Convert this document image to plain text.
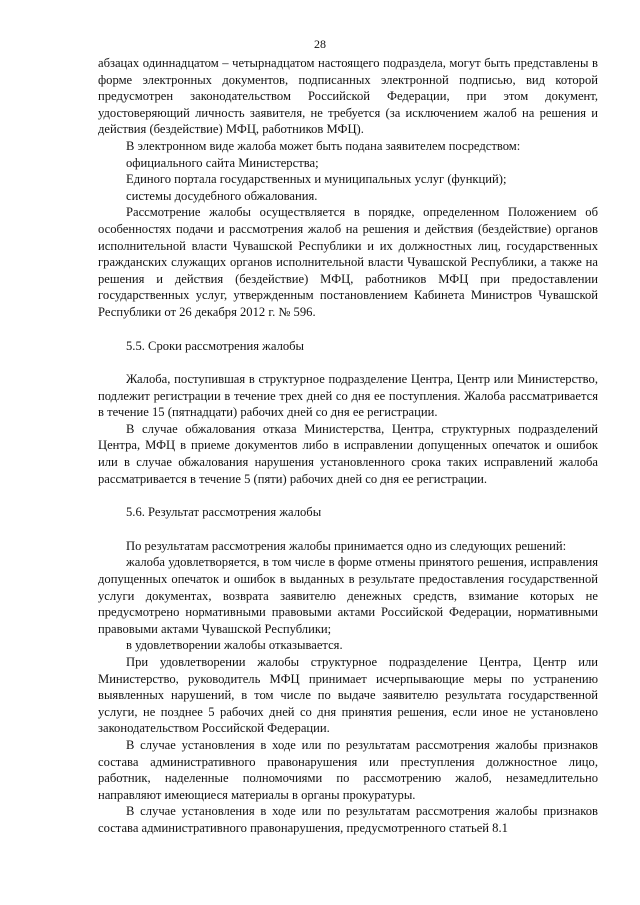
28

абзацах одиннадцатом – четырнадцатом настоящего подраздела, могут быть представлены в форме электронных документов, подписанных электронной подписью, вид которой предусмотрен законодательством Российской Федерации, при этом документ, удостоверяющий личность заявителя, не требуется (за исключением жалоб на решения и действия (бездействие) МФЦ, работников МФЦ).

В электронном виде жалоба может быть подана заявителем посредством:

официального сайта Министерства;

Единого портала государственных и муниципальных услуг (функций);

системы досудебного обжалования.

Рассмотрение жалобы осуществляется в порядке, определенном Положением об особенностях подачи и рассмотрения жалоб на решения и действия (бездействие) органов исполнительной власти Чувашской Республики и их должностных лиц, государственных гражданских служащих органов исполнительной власти Чувашской Республики, а также на решения и действия (бездействие) МФЦ, работников МФЦ при предоставлении государственных услуг, утвержденным постановлением Кабинета Министров Чувашской Республики от 26 декабря 2012 г. № 596.

5.5. Сроки рассмотрения жалобы

Жалоба, поступившая в структурное подразделение Центра, Центр или Министерство, подлежит регистрации в течение трех дней со дня ее поступления. Жалоба рассматривается в течение 15 (пятнадцати) рабочих дней со дня ее регистрации.

В случае обжалования отказа Министерства, Центра, структурных подразделений Центра, МФЦ в приеме документов либо в исправлении допущенных опечаток и ошибок или в случае обжалования нарушения установленного срока таких исправлений жалоба рассматривается в течение 5 (пяти) рабочих дней со дня ее регистрации.

5.6. Результат рассмотрения жалобы

По результатам рассмотрения жалобы принимается одно из следующих решений:

жалоба удовлетворяется, в том числе в форме отмены принятого решения, исправления допущенных опечаток и ошибок в выданных в результате предоставления государственной услуги документах, возврата заявителю денежных средств, взимание которых не предусмотрено нормативными правовыми актами Российской Федерации, нормативными правовыми актами Чувашской Республики;

в удовлетворении жалобы отказывается.

При удовлетворении жалобы структурное подразделение Центра, Центр или Министерство, руководитель МФЦ принимает исчерпывающие меры по устранению выявленных нарушений, в том числе по выдаче заявителю результата государственной услуги, не позднее 5 рабочих дней со дня принятия решения, если иное не установлено законодательством Российской Федерации.

В случае установления в ходе или по результатам рассмотрения жалобы признаков состава административного правонарушения или преступления должностное лицо, работник, наделенные полномочиями по рассмотрению жалоб, незамедлительно направляют имеющиеся материалы в органы прокуратуры.

В случае установления в ходе или по результатам рассмотрения жалобы признаков состава административного правонарушения, предусмотренного статьей 8.1
